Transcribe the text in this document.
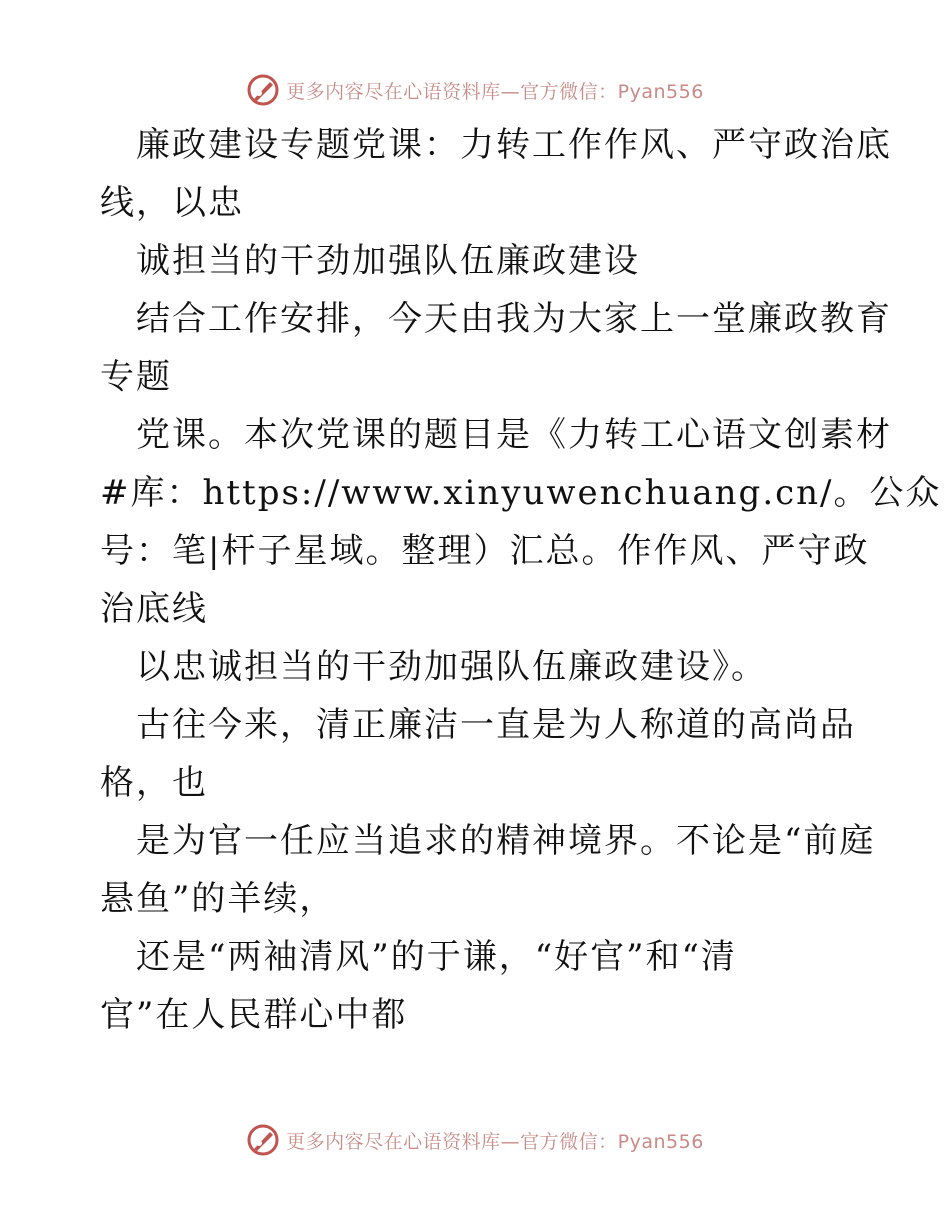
更多内容尽在心语资料库—官方微信：Pyan556

廉政建设专题党课：力转工作作风、严守政治底
线，以忠

诚担当的干劲加强队伍廉政建设

结合工作安排，今天由我为大家上一堂廉政教育
专题

党课。本次党课的题目是《力转工心语文创素材
#库：https://www.xinyuwenchuang.cn/。公众
号：笔|杆子星域。整理）汇总。作作风、严守政
治底线

以忠诚担当的干劲加强队伍廉政建设》。

古往今来，清正廉洁一直是为人称道的高尚品
格，也

是为官一任应当追求的精神境界。不论是“前庭
悬鱼”的羊续，

还是“两袖清风”的于谦，“好官”和“清
官”在人民群心中都

更多内容尽在心语资料库—官方微信：Pyan556
